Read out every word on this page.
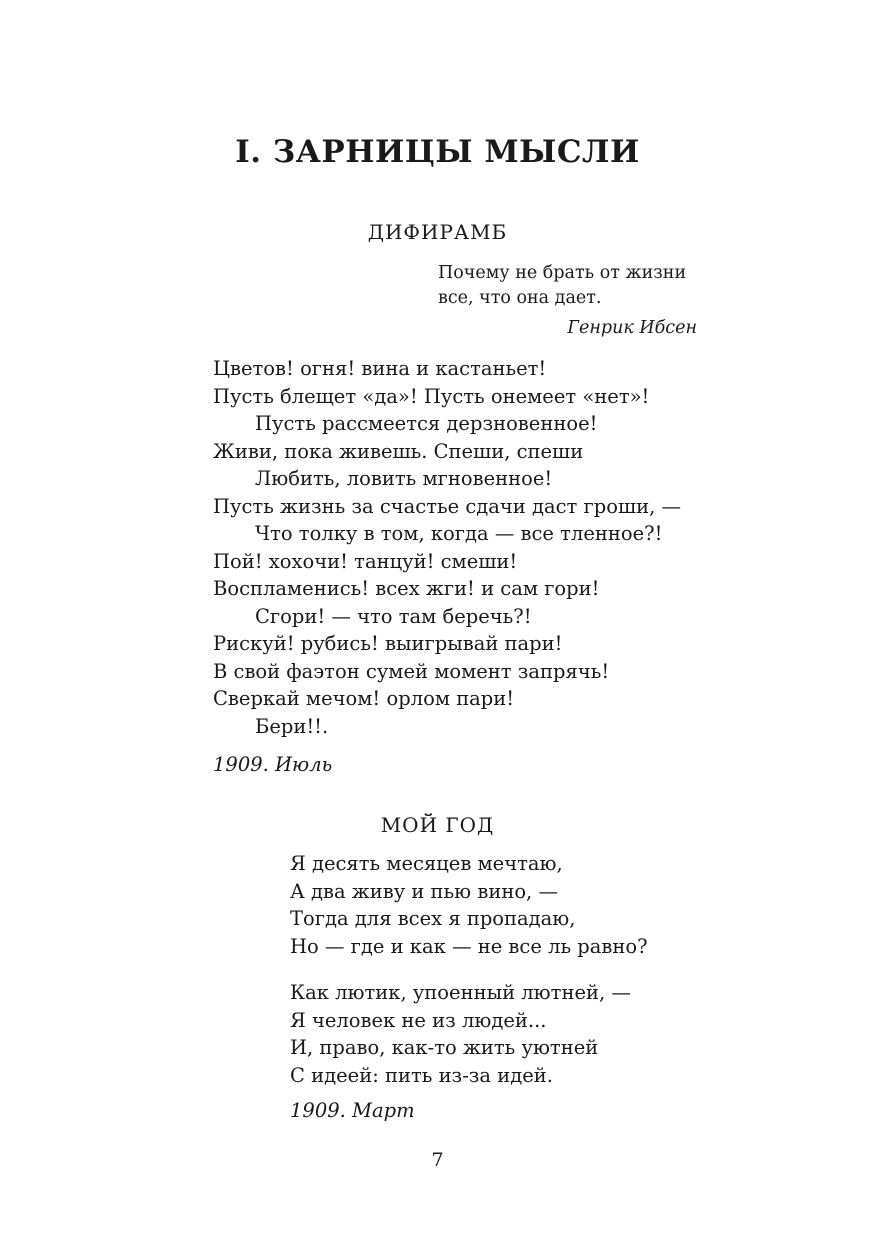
I. ЗАРНИЦЫ МЫСЛИ
ДИФИРАМБ
Почему не брать от жизни
все, что она дает.
Генрик Ибсен
Цветов! огня! вина и кастаньет!
Пусть блещет «да»! Пусть онемеет «нет»!
Пусть рассмеется дерзновенное!
Живи, пока живешь. Спеши, спеши
Любить, ловить мгновенное!
Пусть жизнь за счастье сдачи даст гроши, —
Что толку в том, когда — все тленное?!
Пой! хохочи! танцуй! смеши!
Воспламенись! всех жги! и сам гори!
Сгори! — что там беречь?!
Рискуй! рубись! выигрывай пари!
В свой фаэтон сумей момент запрячь!
Сверкай мечом! орлом пари!
Бери!!.
1909. Июль
МОЙ ГОД
Я десять месяцев мечтаю,
А два живу и пью вино, —
Тогда для всех я пропадаю,
Но — где и как — не все ль равно?
Как лютик, упоенный лютней, —
Я человек не из людей...
И, право, как-то жить уютней
С идеей: пить из-за идей.
1909. Март
7
